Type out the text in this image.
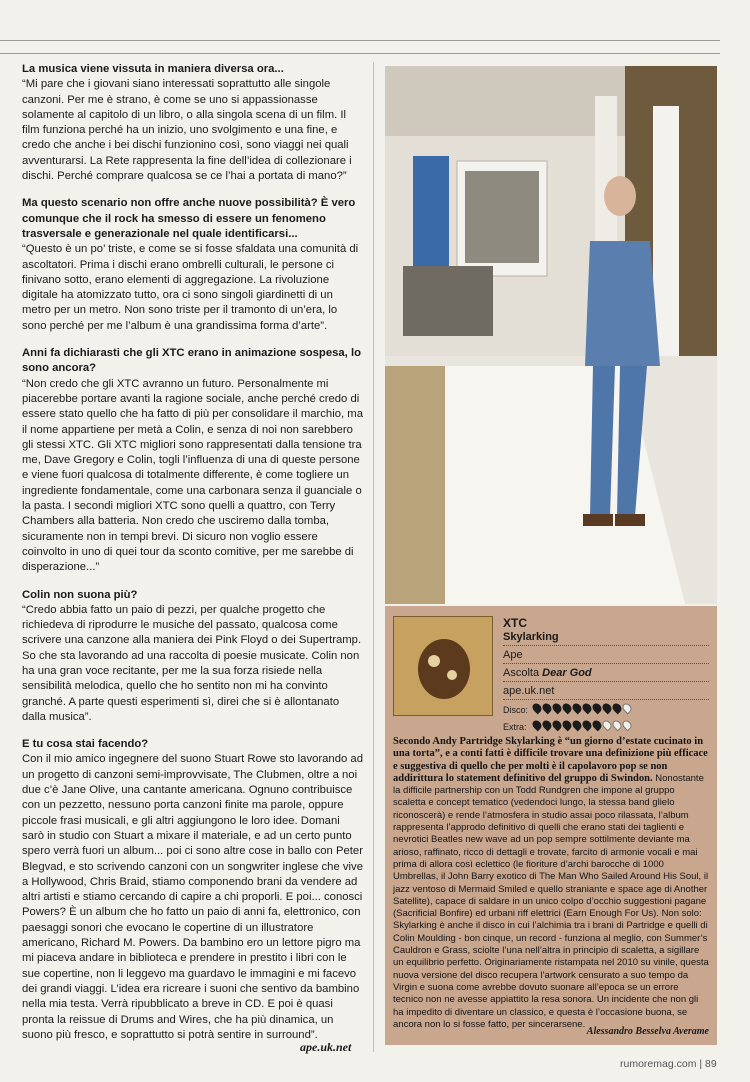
La musica viene vissuta in maniera diversa ora...
“Mi pare che i giovani siano interessati soprattutto alle singole canzoni. Per me è strano, è come se uno si appassionasse solamente al capitolo di un libro, o alla singola scena di un film. Il film funziona perché ha un inizio, uno svolgimento e una fine, e credo che anche i bei dischi funzionino così, sono viaggi nei quali avventurarsi. La Rete rappresenta la fine dell’idea di collezionare i dischi. Perché comprare qualcosa se ce l’hai a portata di mano?”

Ma questo scenario non offre anche nuove possibilità? È vero comunque che il rock ha smesso di essere un fenomeno trasversale e generazionale nel quale identificarsi...
“Questo è un po’ triste, e come se si fosse sfaldata una comunità di ascoltatori. Prima i dischi erano ombrelli culturali, le persone ci finivano sotto, erano elementi di aggregazione. La rivoluzione digitale ha atomizzato tutto, ora ci sono singoli giardinetti di un metro per un metro. Non sono triste per il tramonto di un’era, lo sono perché per me l’album è una grandissima forma d’arte”.

Anni fa dichiarasti che gli XTC erano in animazione sospesa, lo sono ancora?
“Non credo che gli XTC avranno un futuro. Personalmente mi piacerebbe portare avanti la ragione sociale, anche perché credo di essere stato quello che ha fatto di più per consolidare il marchio, ma il nome appartiene per metà a Colin, e senza di noi non sarebbero gli stessi XTC. Gli XTC migliori sono rappresentati dalla tensione tra me, Dave Gregory e Colin, togli l’influenza di una di queste persone e viene fuori qualcosa di totalmente differente, è come togliere un ingrediente fondamentale, come una carbonara senza il guanciale o la pasta. I secondi migliori XTC sono quelli a quattro, con Terry Chambers alla batteria. Non credo che usciremo dalla tomba, sicuramente non in tempi brevi. Di sicuro non voglio essere coinvolto in uno di quei tour da sconto comitive, per me sarebbe di disperazione...”

Colin non suona più?
“Credo abbia fatto un paio di pezzi, per qualche progetto che richiedeva di riprodurre le musiche del passato, qualcosa come scrivere una canzone alla maniera dei Pink Floyd o dei Supertramp. So che sta lavorando ad una raccolta di poesie musicate. Colin non ha una gran voce recitante, per me la sua forza risiede nella sensibilità melodica, quello che ho sentito non mi ha convinto granché. A parte questi esperimenti sì, direi che si è allontanato dalla musica”.

E tu cosa stai facendo?
Con il mio amico ingegnere del suono Stuart Rowe sto lavorando ad un progetto di canzoni semi-improvvisate, The Clubmen, oltre a noi due c’è Jane Olive, una cantante americana. Ognuno contribuisce con un pezzetto, nessuno porta canzoni finite ma parole, oppure piccole frasi musicali, e gli altri aggiungono le loro idee. Domani sarò in studio con Stuart a mixare il materiale, e ad un certo punto spero verrà fuori un album... poi ci sono altre cose in ballo con Peter Blegvad, e sto scrivendo canzoni con un songwriter inglese che vive a Hollywood, Chris Braid, stiamo componendo brani da vendere ad altri artisti e stiamo cercando di capire a chi proporli. E poi... conosci Powers? È un album che ho fatto un paio di anni fa, elettronico, con paesaggi sonori che evocano le copertine di un illustratore americano, Richard M. Powers. Da bambino ero un lettore pigro ma mi piaceva andare in biblioteca e prendere in prestito i libri con le sue copertine, non li leggevo ma guardavo le immagini e mi facevo dei grandi viaggi. L’idea era ricreare i suoni che sentivo da bambino nella mia testa. Verrà ripubblicato a breve in CD. E poi è quasi pronta la reissue di Drums and Wires, che ha più dinamica, un suono più fresco, e soprattutto si potrà sentire in surround”.

ape.uk.net
XTC
Skylarking
Ape
Ascolta Dear God
ape.uk.net
Disco:
Extra:
Secondo Andy Partridge Skylarking è “un giorno d’estate cucinato in una torta”, e a conti fatti è difficile trovare una definizione più efficace e suggestiva di quello che per molti è il capolavoro pop se non addirittura lo statement definitivo del gruppo di Swindon. Nonostante la difficile partnership con un Todd Rundgren che impone al gruppo scaletta e concept tematico (vedendoci lungo, la stessa band glielo riconoscerà) e rende l’atmosfera in studio assai poco rilassata, l’album rappresenta l’approdo definitivo di quelli che erano stati dei taglienti e nevrotici Beatles new wave ad un pop sempre sottilmente deviante ma arioso, raffinato, ricco di dettagli e trovate, farcito di armonie vocali e mai prima di allora così eclettico (le fioriture d’archi barocche di 1000 Umbrellas, il John Barry exotico di The Man Who Sailed Around His Soul, il jazz ventoso di Mermaid Smiled e quello straniante e space age di Another Satellite), capace di saldare in un unico colpo d’occhio suggestioni pagane (Sacrificial Bonfire) ed urbani riff elettrici (Earn Enough For Us). Non solo: Skylarking è anche il disco in cui l’alchimia tra i brani di Partridge e quelli di Colin Moulding - bon cinque, un record - funziona al meglio, con Summer’s Cauldron e Grass, sciolte l’una nell’altra in principio di scaletta, a sigillare un equilibrio perfetto. Originariamente ristampata nel 2010 su vinile, questa nuova versione del disco recupera l’artwork censurato a suo tempo da Virgin e suona come avrebbe dovuto suonare all’epoca se un errore tecnico non ne avesse appiattito la resa sonora. Un incidente che non gli ha impedito di diventare un classico, e questa è l’occasione buona, se ancora non lo si fosse fatto, per sincerarsene.
Alessandro Besselva Averame
rumoremag.com | 89
